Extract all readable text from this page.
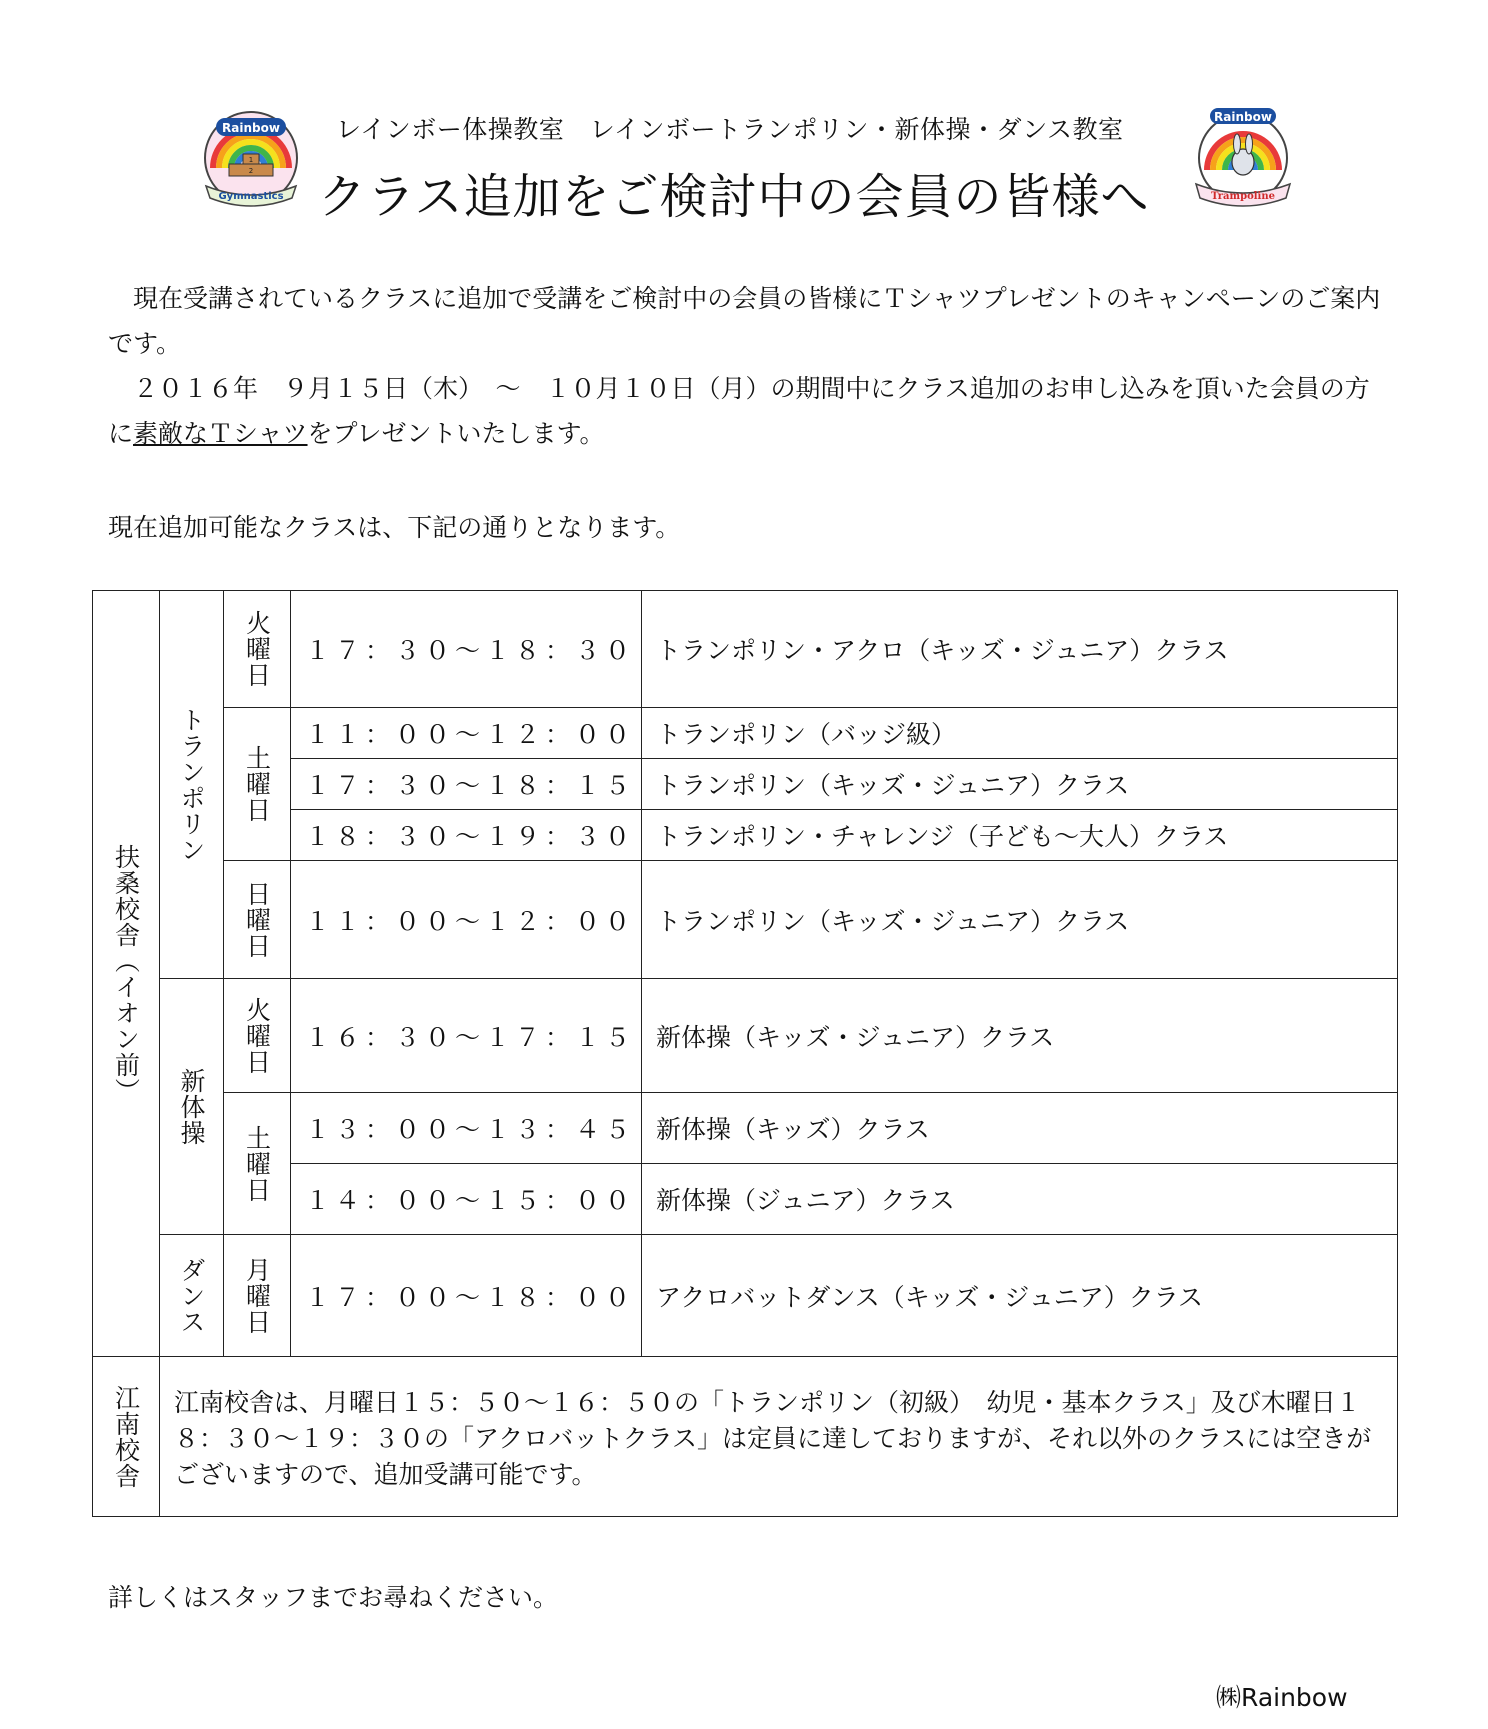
Rainbow
1
2
Gymnastics
Rainbow
Trampoline
レインボー体操教室　レインボートランポリン・新体操・ダンス教室
クラス追加をご検討中の会員の皆様へ
　現在受講されているクラスに追加で受講をご検討中の会員の皆様にＴシャツプレゼントのキャンペーンのご案内です。
　２０１６年　９月１５日（木）　～　１０月１０日（月）の期間中にクラス追加のお申し込みを頂いた会員の方に素敵なＴシャツをプレゼントいたします。
現在追加可能なクラスは、下記の通りとなります。
扶桑校舎（イオン前）	トランポリン	火曜日	１７：３０～１８：３０	トランポリン・アクロ（キッズ・ジュニア）クラス

		土曜日	１１：００～１２：００	トランポリン（バッジ級）
			１７：３０～１８：１５	トランポリン（キッズ・ジュニア）クラス
			１８：３０～１９：３０	トランポリン・チャレンジ（子ども～大人）クラス

		日曜日	１１：００～１２：００	トランポリン（キッズ・ジュニア）クラス

	新体操	火曜日	１６：３０～１７：１５	新体操（キッズ・ジュニア）クラス

		土曜日	１３：００～１３：４５	新体操（キッズ）クラス
			１４：００～１５：００	新体操（ジュニア）クラス

	ダンス	月曜日	１７：００～１８：００	アクロバットダンス（キッズ・ジュニア）クラス

江南校舎	江南校舎は、月曜日１５：５０～１６：５０の「トランポリン（初級）　幼児・基本クラス」及び木曜日１８：３０～１９：３０の「アクロバットクラス」は定員に達しておりますが、それ以外のクラスには空きがございますので、追加受講可能です。			
詳しくはスタッフまでお尋ねください。
㈱Rainbow
